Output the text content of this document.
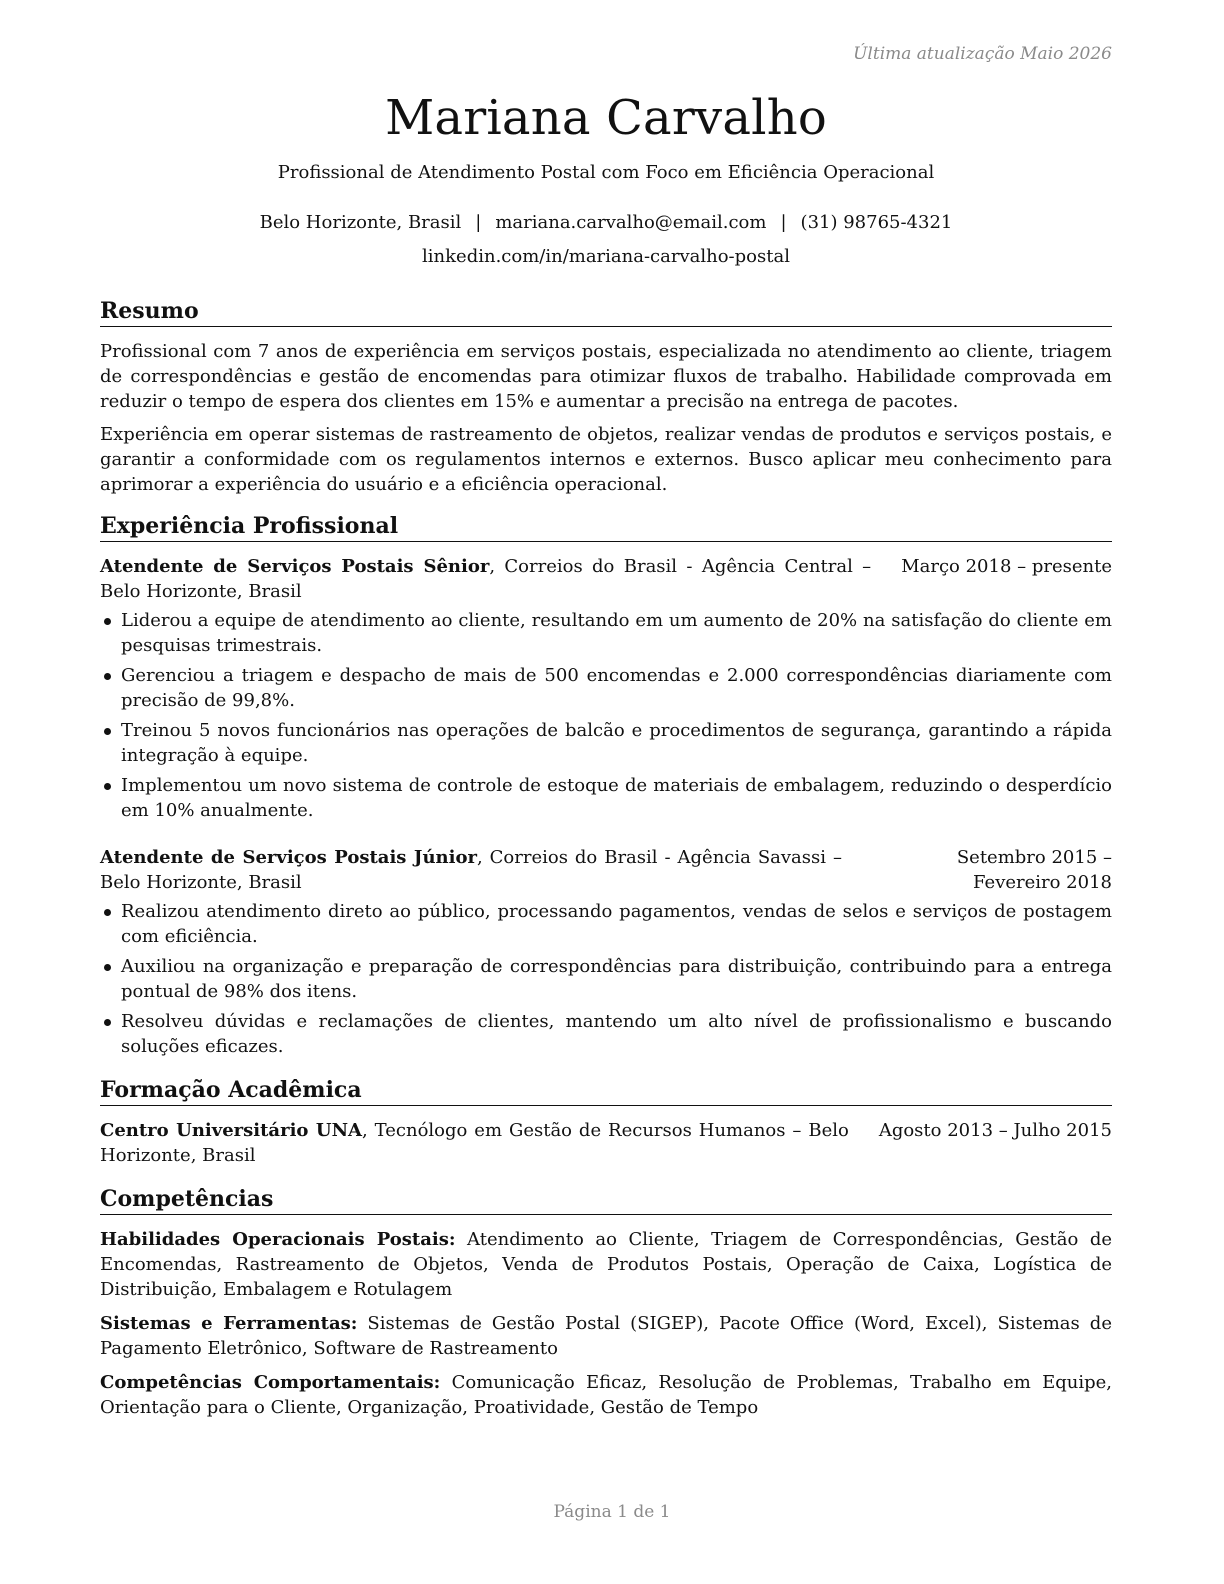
Última atualização Maio 2026
Mariana Carvalho
Profissional de Atendimento Postal com Foco em Eficiência Operacional
Belo Horizonte, Brasil | mariana.carvalho@email.com | (31) 98765-4321
linkedin.com/in/mariana-carvalho-postal
Resumo

Profissional com 7 anos de experiência em serviços postais, especializada no atendimento ao cliente, triagem de correspondências e gestão de encomendas para otimizar fluxos de trabalho. Habilidade comprovada em reduzir o tempo de espera dos clientes em 15% e aumentar a precisão na entrega de pacotes.

Experiência em operar sistemas de rastreamento de objetos, realizar vendas de produtos e serviços postais, e garantir a conformidade com os regulamentos internos e externos. Busco aplicar meu conhecimento para aprimorar a experiência do usuário e a eficiência operacional.

Experiência Profissional
Atendente de Serviços Postais Sênior, Correios do Brasil - Agência Central – Belo Horizonte, Brasil
Março 2018 – presente
Liderou a equipe de atendimento ao cliente, resultando em um aumento de 20% na satisfação do cliente em pesquisas trimestrais.
Gerenciou a triagem e despacho de mais de 500 encomendas e 2.000 correspondências diariamente com precisão de 99,8%.
Treinou 5 novos funcionários nas operações de balcão e procedimentos de segurança, garantindo a rápida integração à equipe.
Implementou um novo sistema de controle de estoque de materiais de embalagem, reduzindo o desperdício em 10% anualmente.
Atendente de Serviços Postais Júnior, Correios do Brasil - Agência Savassi – Belo Horizonte, Brasil
Setembro 2015 – Fevereiro 2018
Realizou atendimento direto ao público, processando pagamentos, vendas de selos e serviços de postagem com eficiência.
Auxiliou na organização e preparação de correspondências para distribuição, contribuindo para a entrega pontual de 98% dos itens.
Resolveu dúvidas e reclamações de clientes, mantendo um alto nível de profissionalismo e buscando soluções eficazes.
Formação Acadêmica
Centro Universitário UNA, Tecnólogo em Gestão de Recursos Humanos – Belo Horizonte, Brasil
Agosto 2013 – Julho 2015
Competências
Habilidades Operacionais Postais: Atendimento ao Cliente, Triagem de Correspondências, Gestão de Encomendas, Rastreamento de Objetos, Venda de Produtos Postais, Operação de Caixa, Logística de Distribuição, Embalagem e Rotulagem
Sistemas e Ferramentas: Sistemas de Gestão Postal (SIGEP), Pacote Office (Word, Excel), Sistemas de Pagamento Eletrônico, Software de Rastreamento
Competências Comportamentais: Comunicação Eficaz, Resolução de Problemas, Trabalho em Equipe, Orientação para o Cliente, Organização, Proatividade, Gestão de Tempo
Página 1 de 1
